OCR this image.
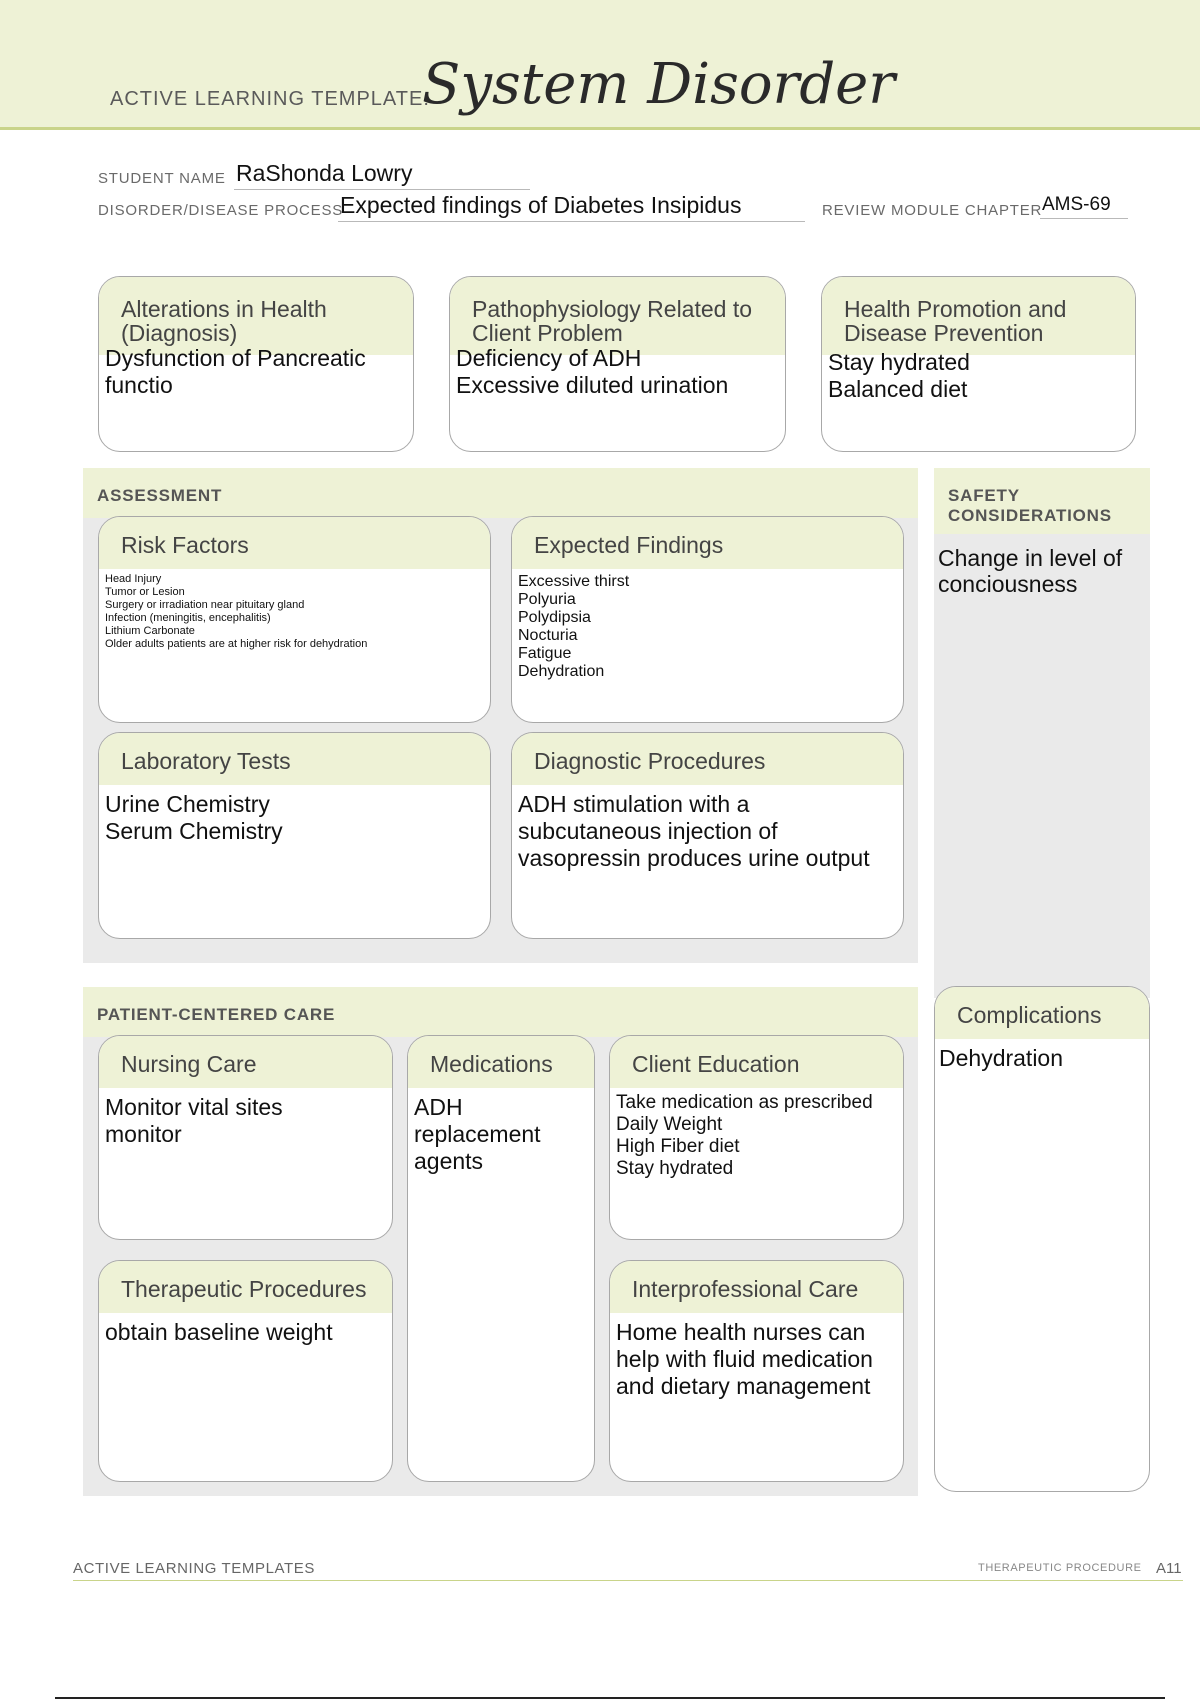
ACTIVE LEARNING TEMPLATE:
System Disorder
STUDENT NAME RaShonda Lowry
DISORDER/DISEASE PROCESS
Expected findings of Diabetes Insipidus	REVIEW MODULE CHAPTER AMS-69
Alterations in Health (Diagnosis)
Dysfunction of Pancreatic
functio
Pathophysiology Related to Client Problem
Deficiency of ADH
Excessive diluted urination
Health Promotion and Disease Prevention
Stay hydrated
Balanced diet
ASSESSMENT
Risk Factors
Head Injury
Tumor or Lesion
Surgery or irradiation near pituitary gland
Infection (meningitis, encephalitis)
Lithium Carbonate
Older adults patients are at higher risk for dehydration
Expected Findings
Excessive thirst
Polyuria
Polydipsia
Nocturia
Fatigue
Dehydration
Laboratory Tests
Urine Chemistry
Serum Chemistry
Diagnostic Procedures
ADH stimulation with a
subcutaneous injection of
vasopressin produces urine output
SAFETY
CONSIDERATIONS
Change in level of
conciousness
Complications
Dehydration
PATIENT-CENTERED CARE
Nursing Care
Monitor vital sites
monitor
Medications
ADH
replacement
agents
Client Education
Take medication as prescribed
Daily Weight
High Fiber diet
Stay hydrated
Therapeutic Procedures
obtain baseline weight
Interprofessional Care
Home health nurses can
help with fluid medication
and dietary management
ACTIVE LEARNING TEMPLATES	THERAPEUTIC PROCEDURE A11
